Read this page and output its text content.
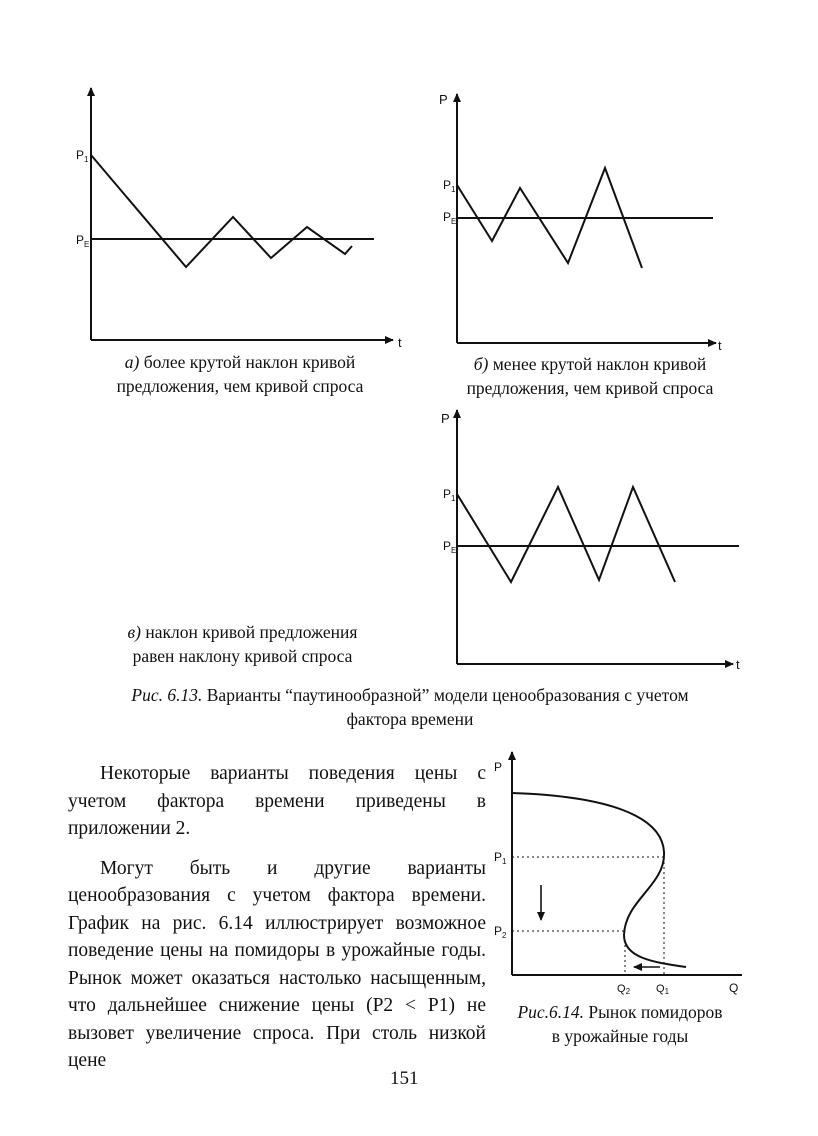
$P_1$
$P_E$
t
P
$P_1$
$P_E$
t
P
$P_1$
$P_E$
t
P
$P_1$
$P_2$
Q2 Q1	Q
а) более крутой наклон кривой
предложения, чем кривой спроса
б) менее крутой наклон кривой
предложения, чем кривой спроса
в) наклон кривой предложения
равен наклону кривой спроса
Рис. 6.13. Варианты “паутинообразной” модели ценообразования с учетом
фактора времени

Некоторые варианты поведения цены с учетом фактора времени приведены в приложении 2.

Могут быть и другие варианты ценообразования с учетом фактора времени. График на рис. 6.14 иллюстрирует возможное поведение цены на помидоры в урожайные годы. Рынок может оказаться настолько насыщенным, что дальнейшее снижение цены (P2 < P1) не вызовет увеличение спроса. При столь низкой цене

Рис.6.14. Рынок помидоров
в урожайные годы
151
